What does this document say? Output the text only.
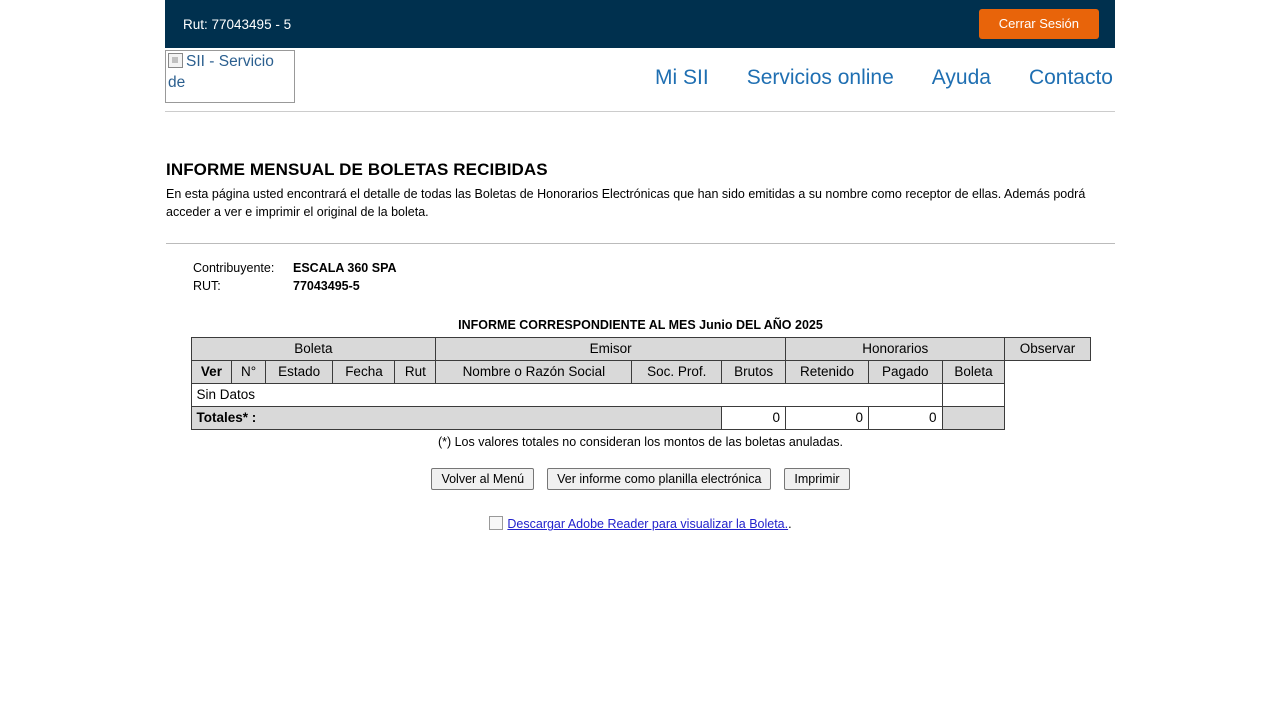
Rut: 77043495 - 5	Cerrar Sesión
SII - Servicio de	Mi SII Servicios online Ayuda Contacto
INFORME MENSUAL DE BOLETAS RECIBIDAS

En esta página usted encontrará el detalle de todas las Boletas de Honorarios Electrónicas que han sido emitidas a su nombre como receptor de ellas. Además podrá acceder a ver e imprimir el original de la boleta.

Contribuyente:	ESCALA 360 SPA
RUT:	77043495-5
INFORME CORRESPONDIENTE AL MES Junio DEL AÑO 2025
Boleta					Emisor			Honorarios			Observar
Ver	N°	Estado	Fecha	Rut	Nombre o Razón Social	Soc. Prof.	Brutos	Retenido	Pagado	Boleta	
Sin Datos											
Totales* :							0	0	0		
(*) Los valores totales no consideran los montos de las boletas anuladas.
Volver al Menú	Ver informe como planilla electrónica	Imprimir
Descargar Adobe Reader para visualizar la Boleta..
